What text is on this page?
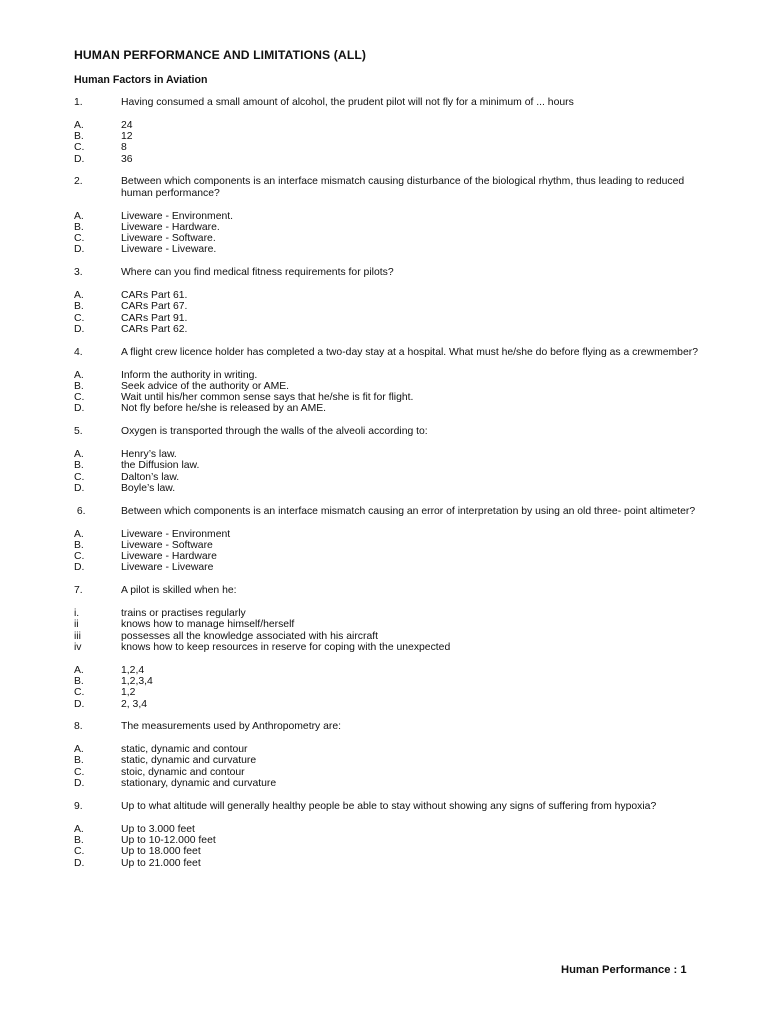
HUMAN PERFORMANCE AND LIMITATIONS (ALL)
Human Factors in Aviation
1.	Having consumed a small amount of alcohol, the prudent pilot will not fly for a minimum of ... hours
A.	24
B.	12
C.	8
D.	36
2.	Between which components is an interface mismatch causing disturbance of the biological rhythm, thus leading to reduced human performance?
A.	Liveware - Environment.
B.	Liveware - Hardware.
C.	Liveware - Software.
D.	Liveware - Liveware.
3.	Where can you find medical fitness requirements for pilots?
A.	CARs Part 61.
B.	CARs Part 67.
C.	CARs Part 91.
D.	CARs Part 62.
4.	A flight crew licence holder has completed a two-day stay at a hospital. What must he/she do before flying as a crewmember?
A.	Inform the authority in writing.
B.	Seek advice of the authority or AME.
C.	Wait until his/her common sense says that he/she is fit for flight.
D.	Not fly before he/she is released by an AME.
5.	Oxygen is transported through the walls of the alveoli according to:
A.	Henry’s law.
B.	the Diffusion law.
C.	Dalton’s law.
D.	Boyle’s law.
6.	Between which components is an interface mismatch causing an error of interpretation by using an old three- point altimeter?
A.	Liveware - Environment
B.	Liveware - Software
C.	Liveware - Hardware
D.	Liveware - Liveware
7.	A pilot is skilled when he:
i.	trains or practises regularly
ii	knows how to manage himself/herself
iii	possesses all the knowledge associated with his aircraft
iv	knows how to keep resources in reserve for coping with the unexpected
A.	1,2,4
B.	1,2,3,4
C.	1,2
D.	2, 3,4
8.	The measurements used by Anthropometry are:
A.	static, dynamic and contour
B.	static, dynamic and curvature
C.	stoic, dynamic and contour
D.	stationary, dynamic and curvature
9.	Up to what altitude will generally healthy people be able to stay without showing any signs of suffering from hypoxia?
A.	Up to 3.000 feet
B.	Up to 10-12.000 feet
C.	Up to 18.000 feet
D.	Up to 21.000 feet
Human Performance : 1
